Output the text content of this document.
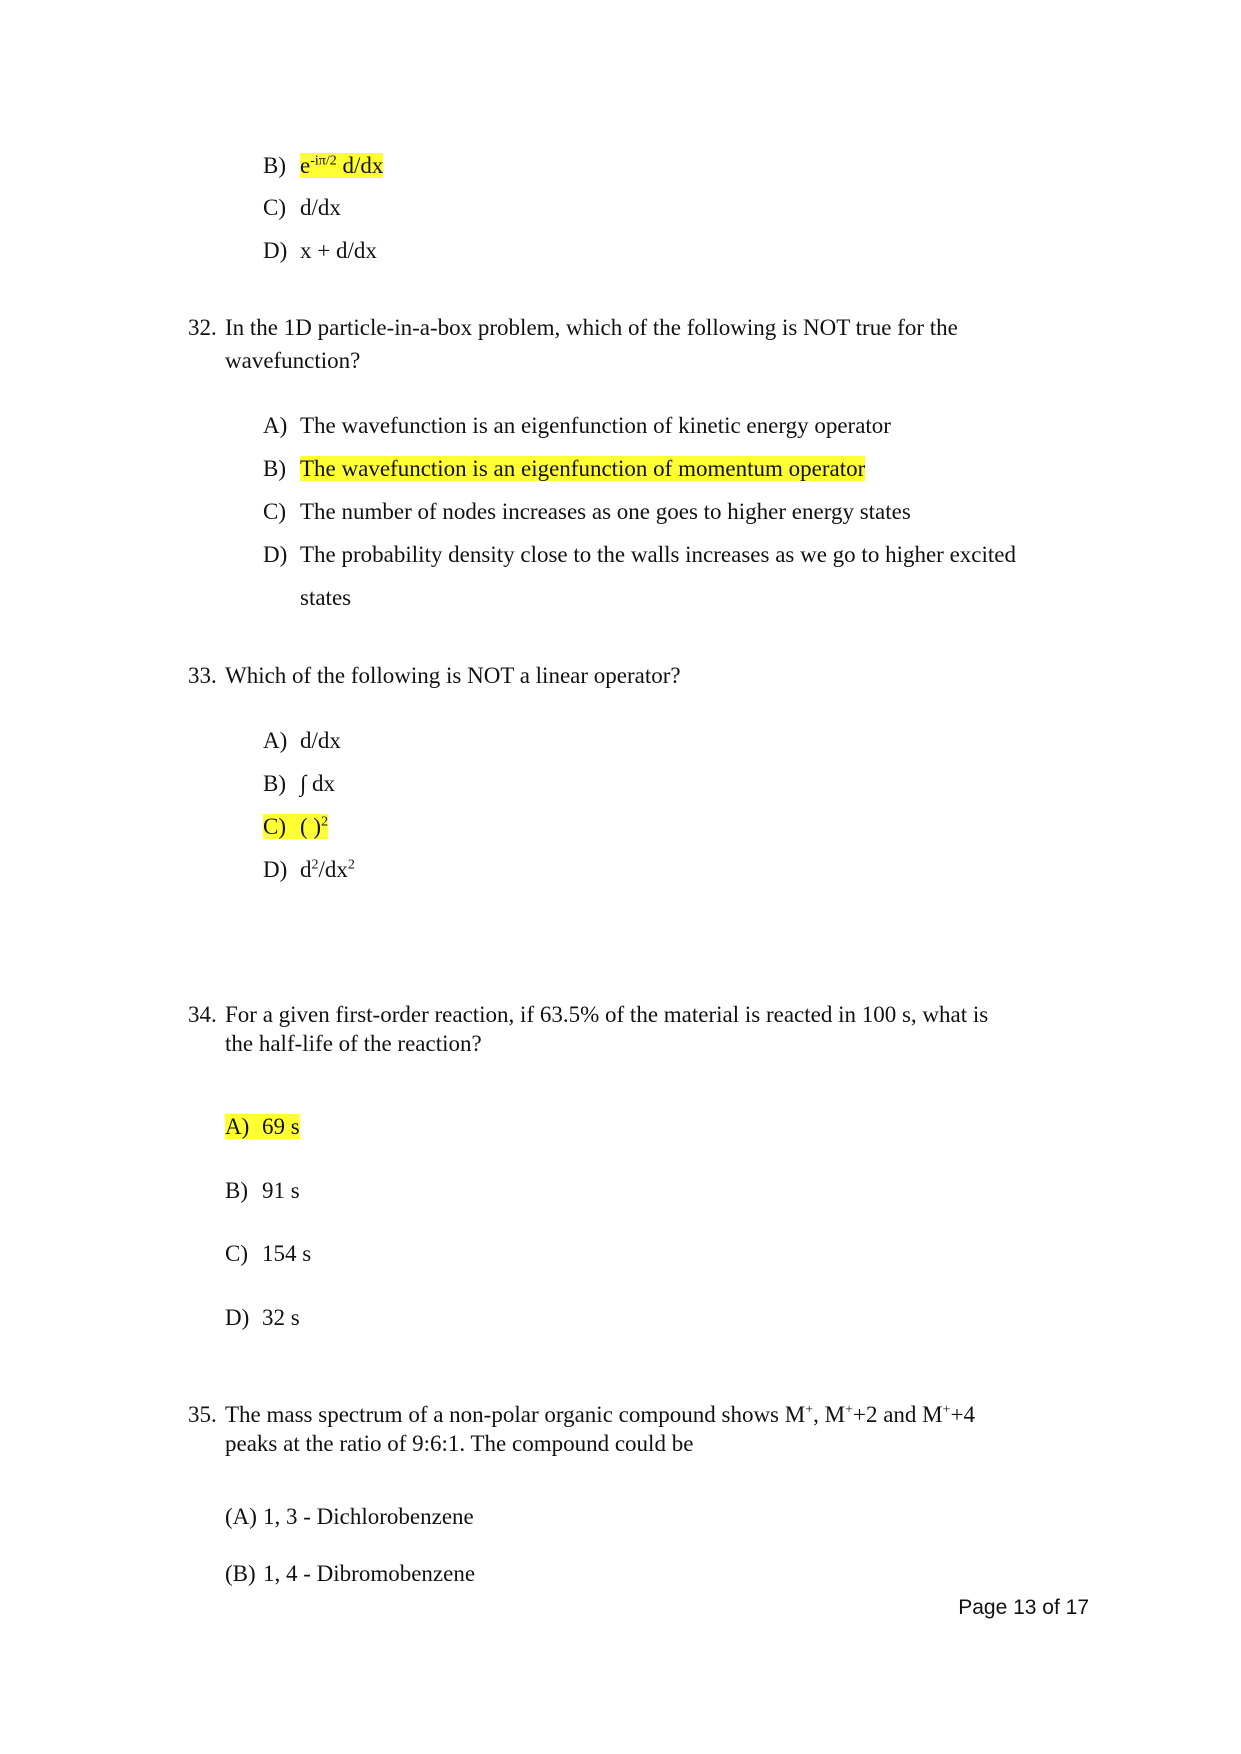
B) $e^{-i\pi/2}$ d/dx
C) d/dx
D) x + d/dx
32. In the 1D particle-in-a-box problem, which of the following is NOT true for the
wavefunction?
A) The wavefunction is an eigenfunction of kinetic energy operator
B) The wavefunction is an eigenfunction of momentum operator
C) The number of nodes increases as one goes to higher energy states
D) The probability density close to the walls increases as we go to higher excited
states
33. Which of the following is NOT a linear operator?
A) d/dx
B) ∫ dx
C) ( )$^2$
D) $d^2/dx^2$
34. For a given first-order reaction, if 63.5% of the material is reacted in 100 s, what is
the half-life of the reaction?
A) 69 s
B) 91 s
C) 154 s
D) 32 s
35. The mass spectrum of a non-polar organic compound shows M+, M++2 and M++4
peaks at the ratio of 9:6:1. The compound could be
(A) 1, 3 - Dichlorobenzene
(B) 1, 4 - Dibromobenzene
Page 13 of 17
